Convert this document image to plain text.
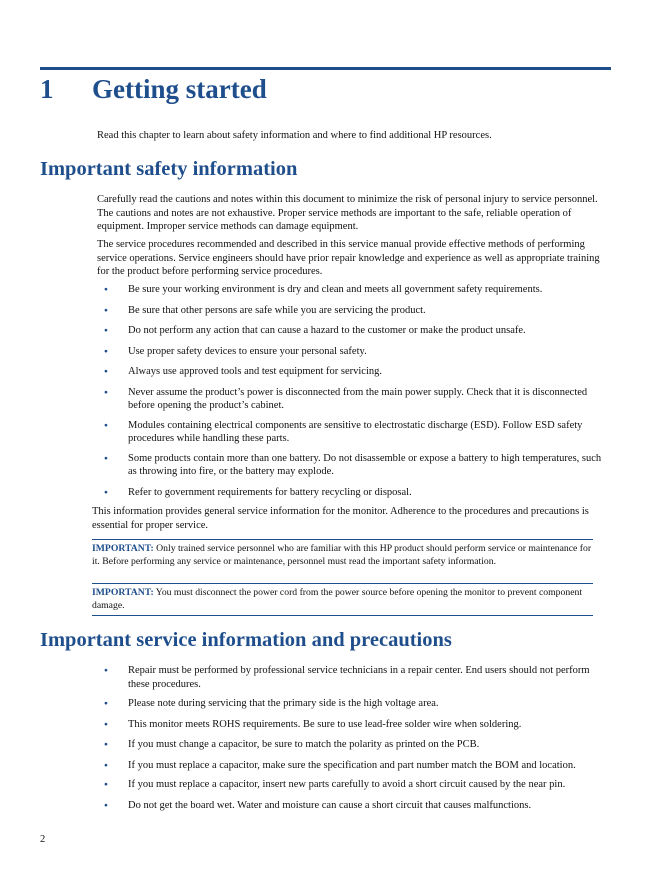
1 Getting started
Read this chapter to learn about safety information and where to find additional HP resources.
Important safety information

Carefully read the cautions and notes within this document to minimize the risk of personal injury to service personnel. The cautions and notes are not exhaustive. Proper service methods are important to the safe, reliable operation of equipment. Improper service methods can damage equipment.

The service procedures recommended and described in this service manual provide effective methods of performing service operations. Service engineers should have prior repair knowledge and experience as well as appropriate training for the product before performing service procedures.

● Be sure your working environment is dry and clean and meets all government safety requirements.
● Be sure that other persons are safe while you are servicing the product.
● Do not perform any action that can cause a hazard to the customer or make the product unsafe.
● Use proper safety devices to ensure your personal safety.
● Always use approved tools and test equipment for servicing.
● Never assume the product’s power is disconnected from the main power supply. Check that it is disconnected before opening the product’s cabinet.
● Modules containing electrical components are sensitive to electrostatic discharge (ESD). Follow ESD safety procedures while handling these parts.
● Some products contain more than one battery. Do not disassemble or expose a battery to high temperatures, such as throwing into fire, or the battery may explode.
● Refer to government requirements for battery recycling or disposal.

This information provides general service information for the monitor. Adherence to the procedures and precautions is essential for proper service.

IMPORTANT: Only trained service personnel who are familiar with this HP product should perform service or maintenance for it. Before performing any service or maintenance, personnel must read the important safety information.
IMPORTANT: You must disconnect the power cord from the power source before opening the monitor to prevent component damage.
Important service information and precautions
● Repair must be performed by professional service technicians in a repair center. End users should not perform these procedures.
● Please note during servicing that the primary side is the high voltage area.
● This monitor meets ROHS requirements. Be sure to use lead-free solder wire when soldering.
● If you must change a capacitor, be sure to match the polarity as printed on the PCB.
● If you must replace a capacitor, make sure the specification and part number match the BOM and location.
● If you must replace a capacitor, insert new parts carefully to avoid a short circuit caused by the near pin.
● Do not get the board wet. Water and moisture can cause a short circuit that causes malfunctions.
2
